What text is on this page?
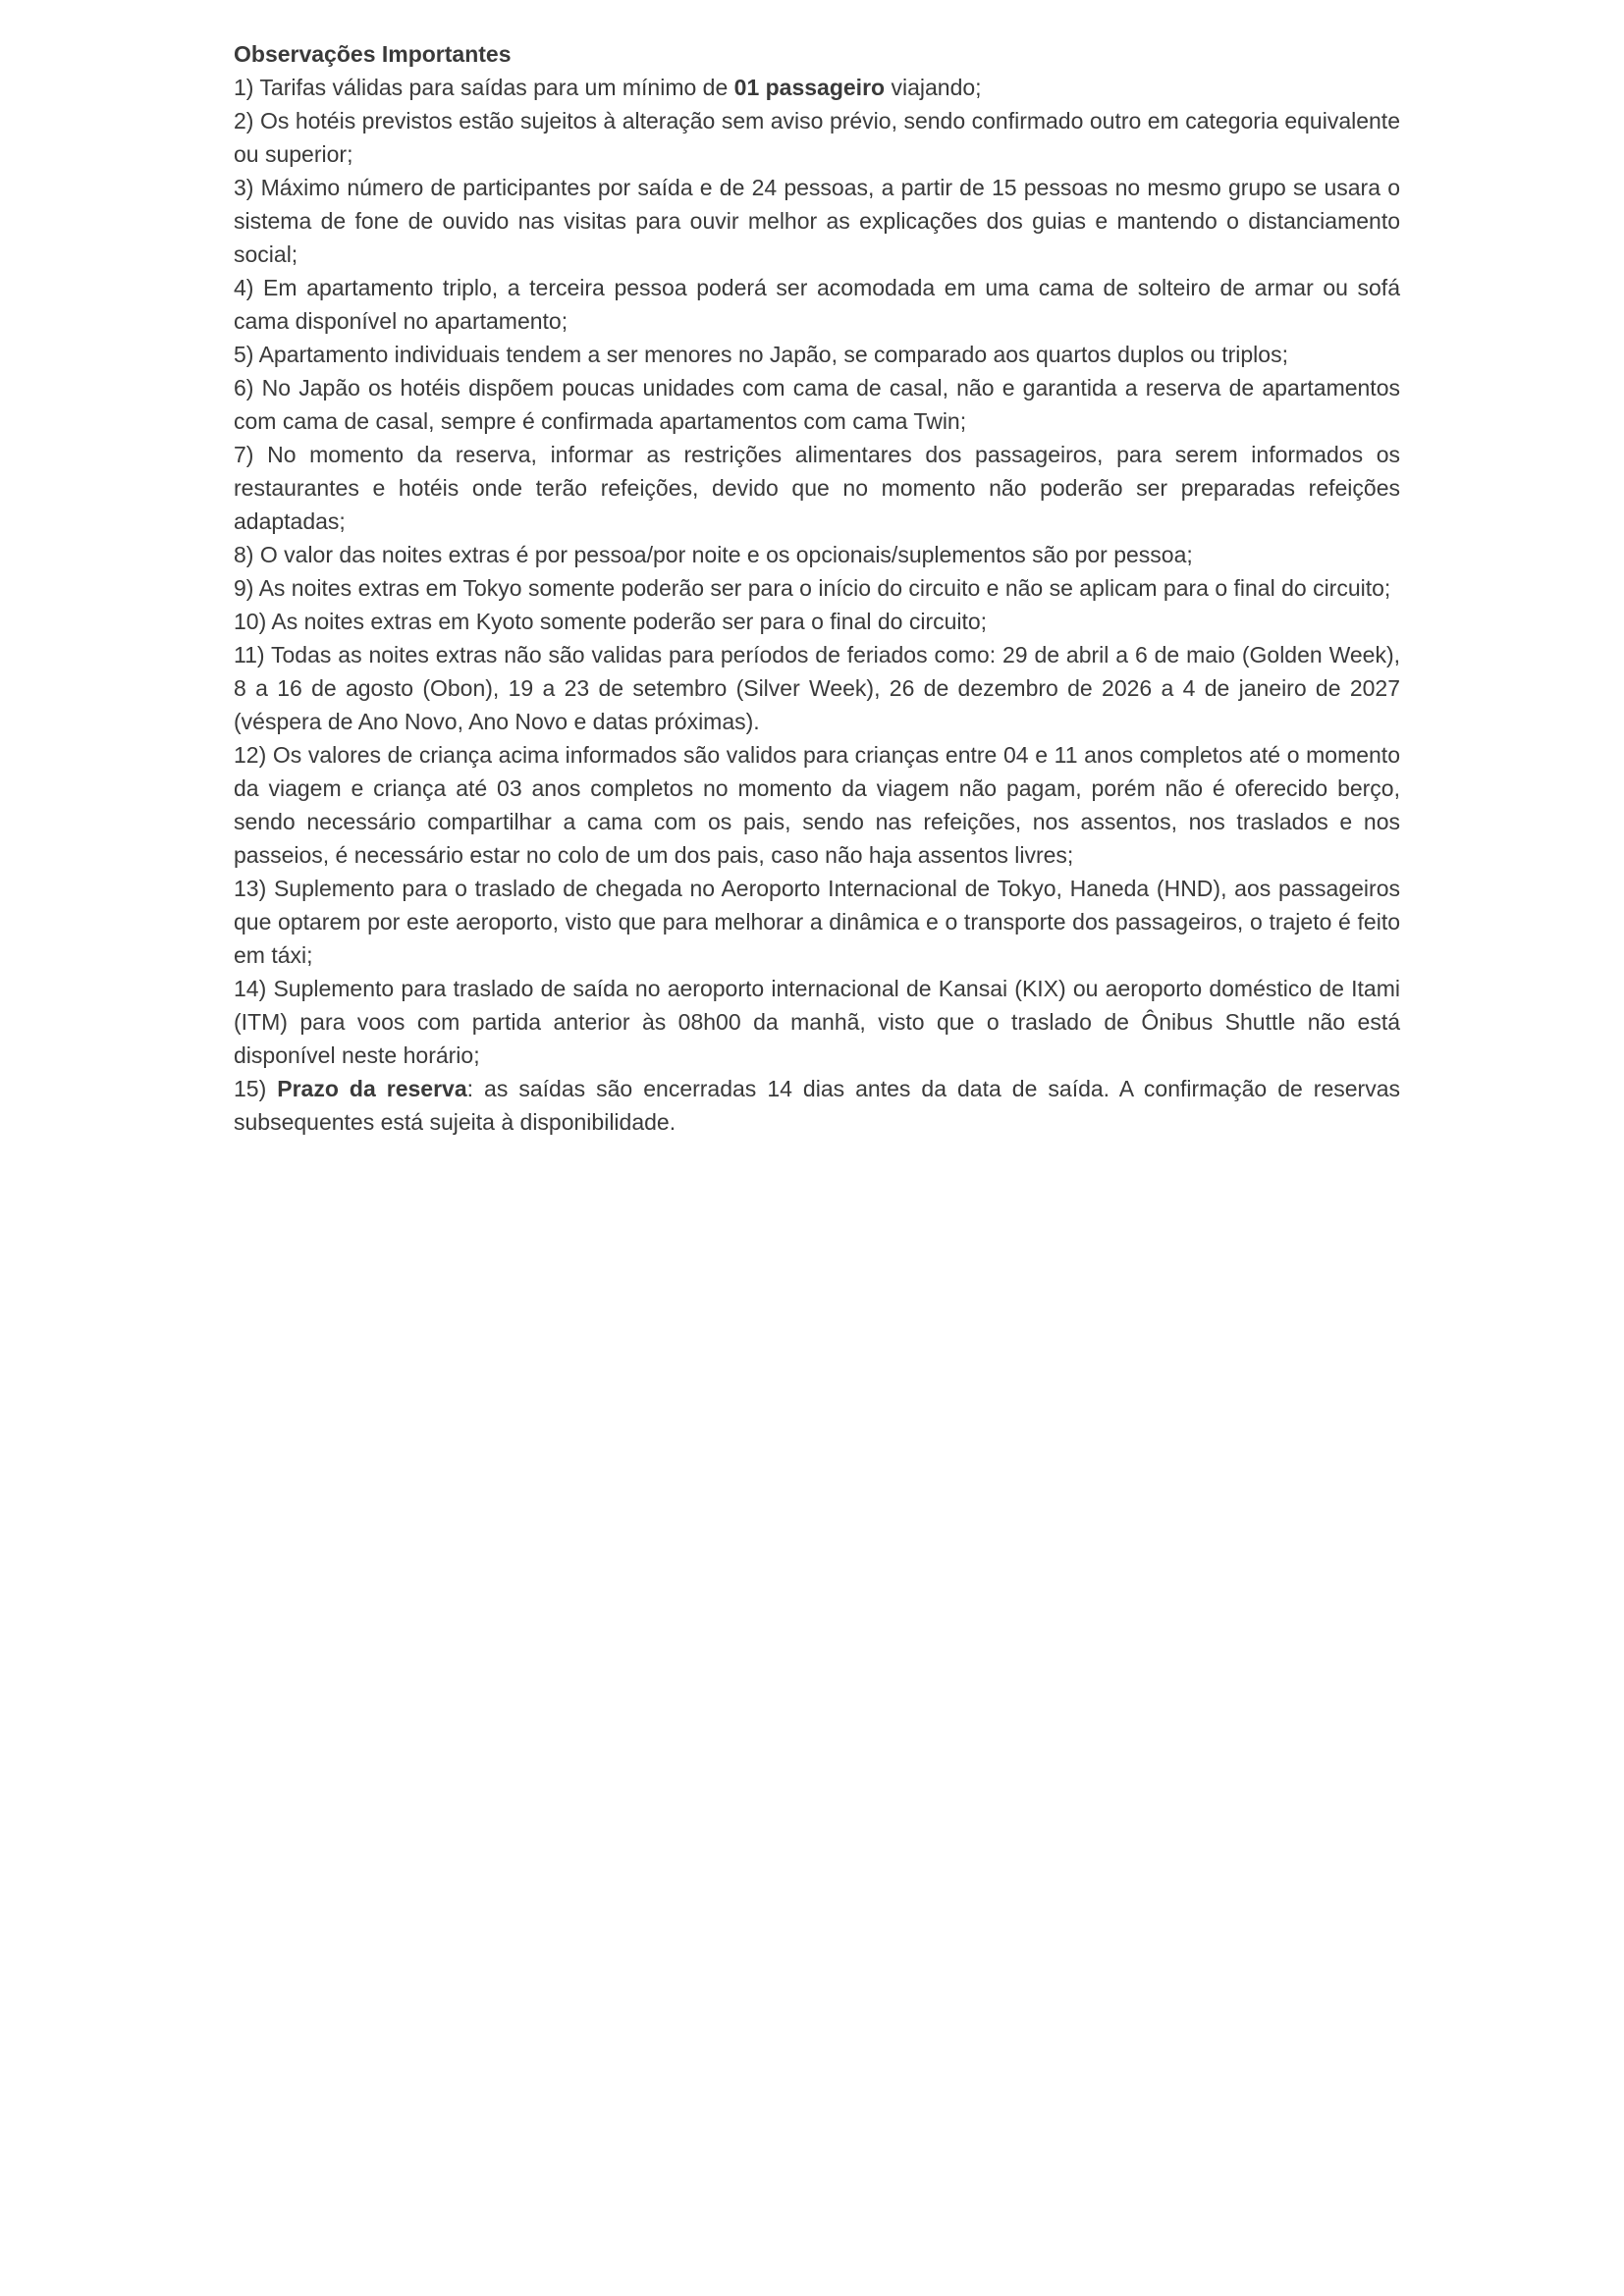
Observações Importantes

1) Tarifas válidas para saídas para um mínimo de 01 passageiro viajando;

2) Os hotéis previstos estão sujeitos à alteração sem aviso prévio, sendo confirmado outro em categoria equivalente ou superior;

3) Máximo número de participantes por saída e de 24 pessoas, a partir de 15 pessoas no mesmo grupo se usara o sistema de fone de ouvido nas visitas para ouvir melhor as explicações dos guias e mantendo o distanciamento social;

4) Em apartamento triplo, a terceira pessoa poderá ser acomodada em uma cama de solteiro de armar ou sofá cama disponível no apartamento;

5) Apartamento individuais tendem a ser menores no Japão, se comparado aos quartos duplos ou triplos;

6) No Japão os hotéis dispõem poucas unidades com cama de casal, não e garantida a reserva de apartamentos com cama de casal, sempre é confirmada apartamentos com cama Twin;

7) No momento da reserva, informar as restrições alimentares dos passageiros, para serem informados os restaurantes e hotéis onde terão refeições, devido que no momento não poderão ser preparadas refeições adaptadas;

8) O valor das noites extras é por pessoa/por noite e os opcionais/suplementos são por pessoa;

9) As noites extras em Tokyo somente poderão ser para o início do circuito e não se aplicam para o final do circuito;

10) As noites extras em Kyoto somente poderão ser para o final do circuito;

11) Todas as noites extras não são validas para períodos de feriados como: 29 de abril a 6 de maio (Golden Week), 8 a 16 de agosto (Obon), 19 a 23 de setembro (Silver Week), 26 de dezembro de 2026 a 4 de janeiro de 2027 (véspera de Ano Novo, Ano Novo e datas próximas).

12) Os valores de criança acima informados são validos para crianças entre 04 e 11 anos completos até o momento da viagem e criança até 03 anos completos no momento da viagem não pagam, porém não é oferecido berço, sendo necessário compartilhar a cama com os pais, sendo nas refeições, nos assentos, nos traslados e nos passeios, é necessário estar no colo de um dos pais, caso não haja assentos livres;

13) Suplemento para o traslado de chegada no Aeroporto Internacional de Tokyo, Haneda (HND), aos passageiros que optarem por este aeroporto, visto que para melhorar a dinâmica e o transporte dos passageiros, o trajeto é feito em táxi;

14) Suplemento para traslado de saída no aeroporto internacional de Kansai (KIX) ou aeroporto doméstico de Itami (ITM) para voos com partida anterior às 08h00 da manhã, visto que o traslado de Ônibus Shuttle não está disponível neste horário;

15) Prazo da reserva: as saídas são encerradas 14 dias antes da data de saída. A confirmação de reservas subsequentes está sujeita à disponibilidade.
